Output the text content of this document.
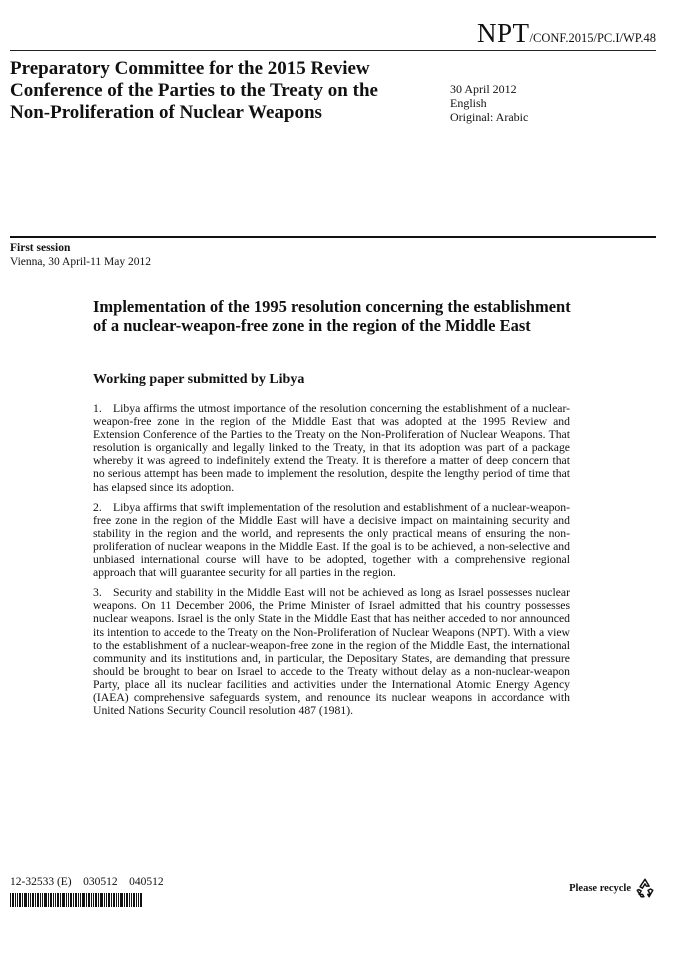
NPT/CONF.2015/PC.I/WP.48
Preparatory Committee for the 2015 Review
Conference of the Parties to the Treaty on the
Non-Proliferation of Nuclear Weapons
30 April 2012
English
Original: Arabic
First session
Vienna, 30 April-11 May 2012
Implementation of the 1995 resolution concerning the establishment of a nuclear-weapon-free zone in the region of the Middle East
Working paper submitted by Libya

1. Libya affirms the utmost importance of the resolution concerning the establishment of a nuclear-weapon-free zone in the region of the Middle East that was adopted at the 1995 Review and Extension Conference of the Parties to the Treaty on the Non-Proliferation of Nuclear Weapons. That resolution is organically and legally linked to the Treaty, in that its adoption was part of a package whereby it was agreed to indefinitely extend the Treaty. It is therefore a matter of deep concern that no serious attempt has been made to implement the resolution, despite the lengthy period of time that has elapsed since its adoption.

2. Libya affirms that swift implementation of the resolution and establishment of a nuclear-weapon-free zone in the region of the Middle East will have a decisive impact on maintaining security and stability in the region and the world, and represents the only practical means of ensuring the non-proliferation of nuclear weapons in the Middle East. If the goal is to be achieved, a non-selective and unbiased international course will have to be adopted, together with a comprehensive regional approach that will guarantee security for all parties in the region.

3. Security and stability in the Middle East will not be achieved as long as Israel possesses nuclear weapons. On 11 December 2006, the Prime Minister of Israel admitted that his country possesses nuclear weapons. Israel is the only State in the Middle East that has neither acceded to nor announced its intention to accede to the Treaty on the Non-Proliferation of Nuclear Weapons (NPT). With a view to the establishment of a nuclear-weapon-free zone in the region of the Middle East, the international community and its institutions and, in particular, the Depositary States, are demanding that pressure should be brought to bear on Israel to accede to the Treaty without delay as a non-nuclear-weapon Party, place all its nuclear facilities and activities under the International Atomic Energy Agency (IAEA) comprehensive safeguards system, and renounce its nuclear weapons in accordance with United Nations Security Council resolution 487 (1981).

12-32533 (E)    030512    040512	Please recycle
